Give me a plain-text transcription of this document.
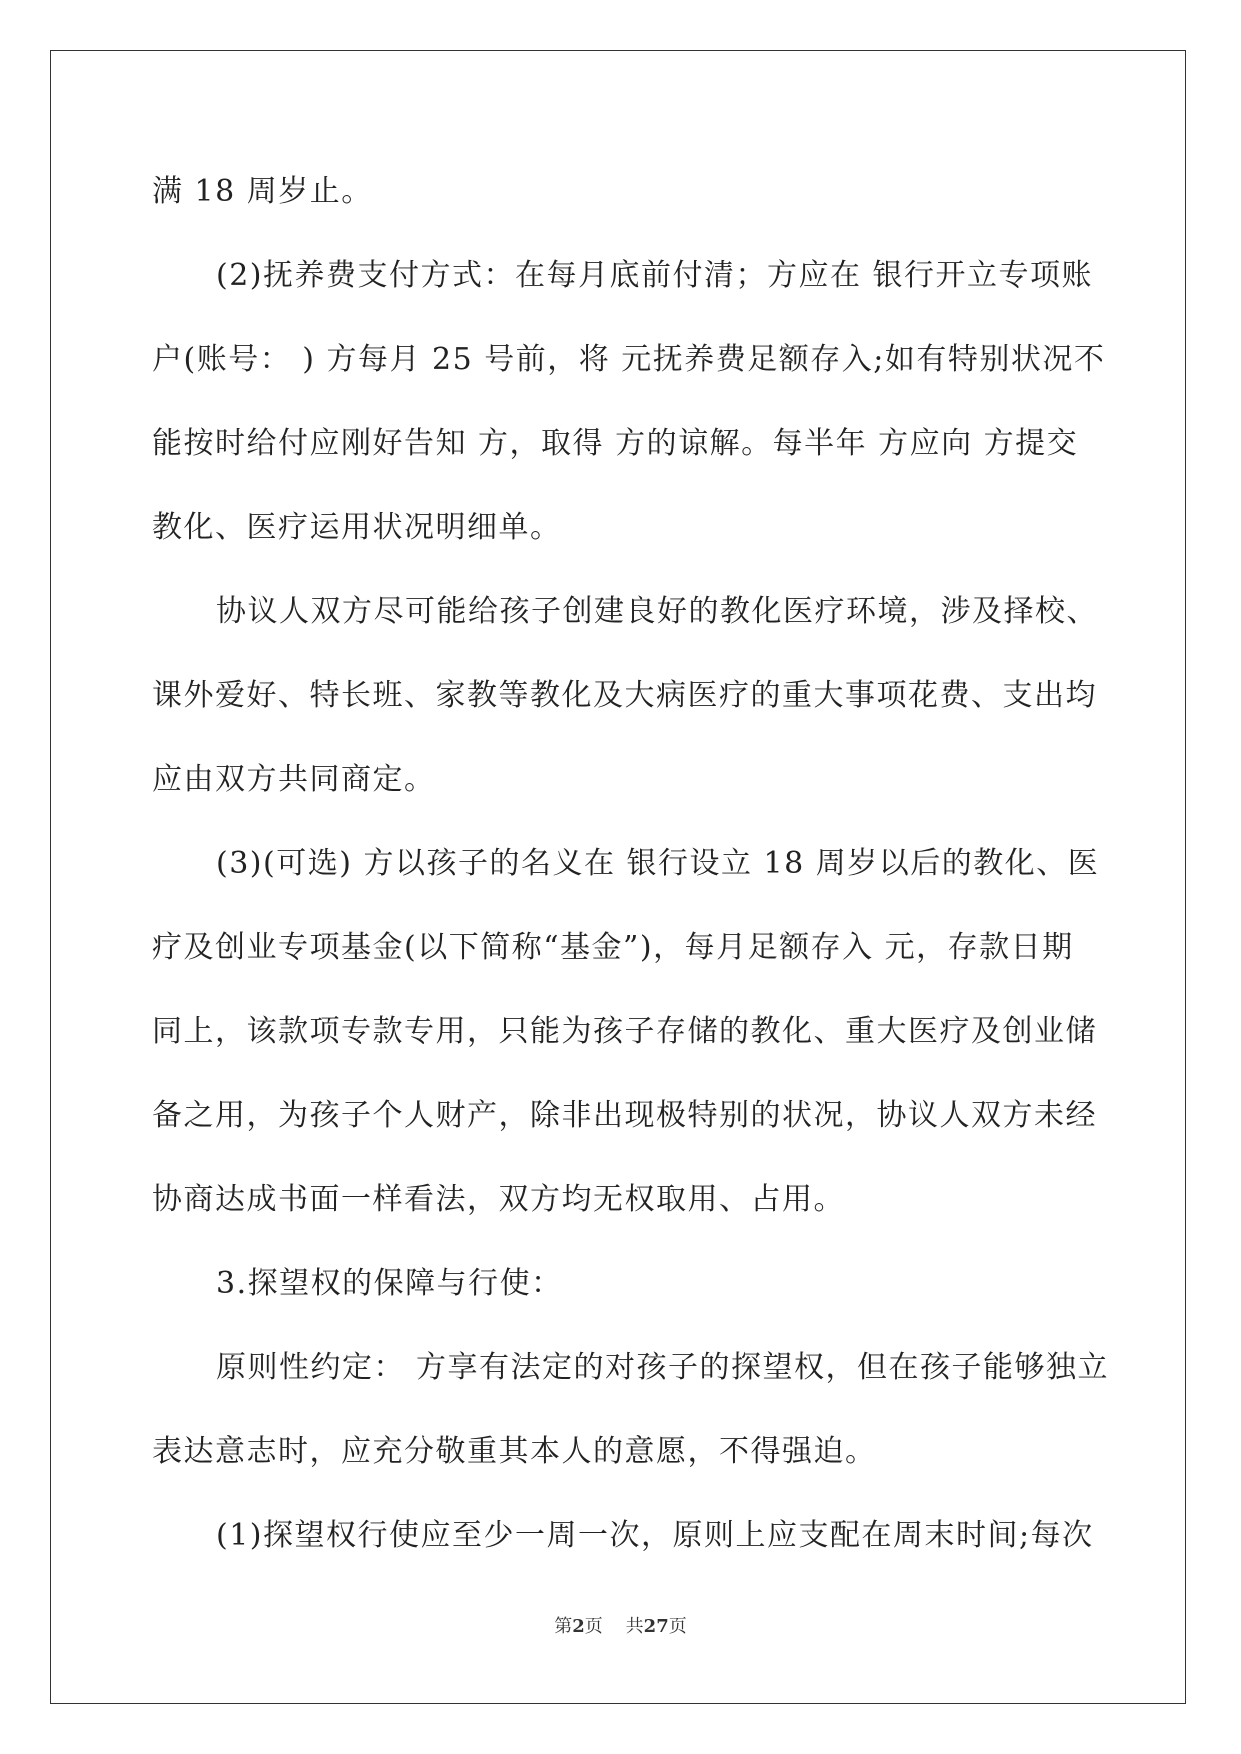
满 18 周岁止。
(2)抚养费支付方式：在每月底前付清；方应在 银行开立专项账
户(账号： ) 方每月 25 号前，将 元抚养费足额存入;如有特别状况不
能按时给付应刚好告知 方，取得 方的谅解。每半年 方应向 方提交
教化、医疗运用状况明细单。
协议人双方尽可能给孩子创建良好的教化医疗环境，涉及择校、
课外爱好、特长班、家教等教化及大病医疗的重大事项花费、支出均
应由双方共同商定。
(3)(可选) 方以孩子的名义在 银行设立 18 周岁以后的教化、医
疗及创业专项基金(以下简称“基金”)，每月足额存入 元，存款日期
同上，该款项专款专用，只能为孩子存储的教化、重大医疗及创业储
备之用，为孩子个人财产，除非出现极特别的状况，协议人双方未经
协商达成书面一样看法，双方均无权取用、占用。
3.探望权的保障与行使：
原则性约定： 方享有法定的对孩子的探望权，但在孩子能够独立
表达意志时，应充分敬重其本人的意愿，不得强迫。
(1)探望权行使应至少一周一次，原则上应支配在周末时间;每次
第2页 共27页
